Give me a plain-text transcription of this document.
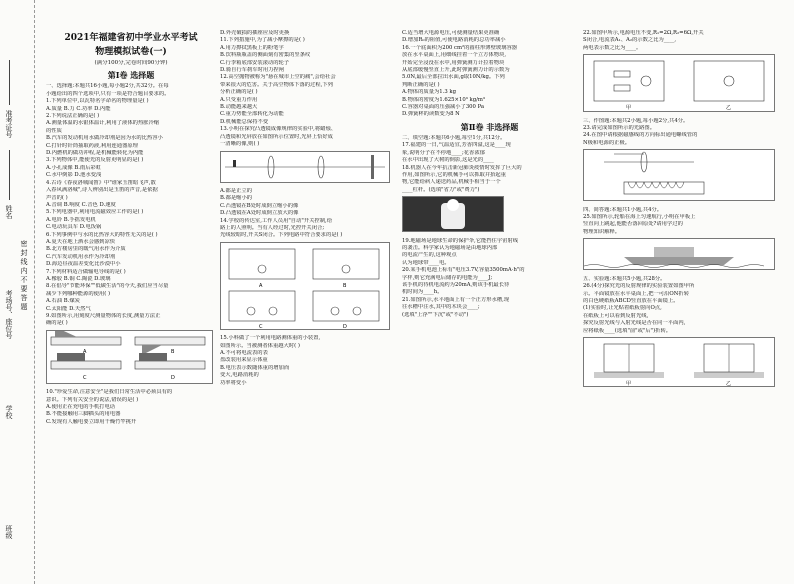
准考证号
姓名
考场号、座位号
学校
班级
密封线内不要答题

2021年福建省初中学业水平考试

物理模拟试卷(一)

(满分100分,完卷时间90分钟)

第Ⅰ卷 选择题

一、选择题:本题共16小题,每小题2分,共32分。在每

小题给出的四个选项中,只有一项是符合题目要求的。

1.下列单位中,以瓦特名字命名的物理量是( )

A.质量 B.力 C.功率 D.内能

2.下列说法正确的是( )

A.测量体温的水银体温计,利用了液体的热胀冷缩

的性质

B.汽车的发动机用水做冷却剂是因为水的比热容小

C.打针时针筒抽取药液,利用连通器原理

D.内燃机的做功冲程,是机械能转化为内能

3.下列物体中,能使光的反射更明显的是( )

A.小孔成像 B.雨后彩虹

C.水中倒影 D.池水变浅

4.古诗《春夜洛城闻笛》中"谁家玉笛暗飞声,散

入春风满洛城",诗人辨别出是玉笛的声音,是依据

声音的( )

A.音调 B.响度 C.音色 D.速度

5.下列电器中,利用电流磁效应工作的是( )

A.电铃 B.手摇发电机

C.电动玩具车 D.电饭锅

6.下列事例中与水的比热容大的特性无关的是( )

A.夏天在地上洒水会感到凉快

B.北方楼房里的暖气用水作为介质

C.汽车发动机用水作为冷却剂

D.海边昼夜温差变化比沙漠中小

7.下列材料适合做输电导线的是( )

A.橡胶 B.铜 C.陶瓷 D.玻璃

8.在倡导"节能环保""低碳生活"的今天,我们应当尽量

减少下列哪种能源的使用( )

A.石油 B.煤炭

C.太阳能 D.天然气

9.如图所示,用刻度尺测量物体的长度,测量方法正

确的是( )

A	B
C	D

10."珍爱生命,注意安全"是我们日常生活中必须具有的

意识。下列有关安全的说法,错误的是( )

A.使用正在充电的手机打电话

B.不能接触用三脚插头的用电器

C.发现有人触电要立即用干燥竹竿挑开

D.外壳破损的插座应及时更换

11.下列措施中,为了减小摩擦的是( )

A.用力擦拭黑板上的粉笔字

B.饮料瓶瓶盖的侧面刻有密集的竖条纹

C.行李箱底部安装滚动的轮子

D.骑自行车刹车时用力捏闸

12.高空抛物被称为"悬在城市上空的痛",会给社会

带来很大的危害。关于高空物体下落的过程,下列

分析正确的是( )

A.只受重力作用

B.动能越来越大

C.重力势能全部转化为动能

D.机械能总保持不变

13.小明在探究凸透镜成像规律的实验中,将蜡烛、

凸透镜和光屏放在如图所示位置时,光屏上恰好成

一清晰的像,则( )

A.都是正立的

B.都是缩小的

C.凸透镜在B处时成倒立缩小的像

D.凸透镜在A处时成倒立放大的像

14.学校的传达室,工作人员用"自动"开关控制,给

路上的人照明。当有人经过时,光控开关闭合;

光线较暗时,开关S闭合。下列电路中符合要求的是( )

A	B
C	D

15.小科做了一个利用电路测体重的小装置,

如图所示。当被测者体重越大时( )

A.不可将电流表的表

盘改装用来显示体重

B.电压表示数随体重的增加而

变大,电路消耗的

功率将变小

C.适当增大电源电压,可使测量结果更准确

D.增加R₀的阻值,可使电路消耗的总功率减小

16.一个底面积为200 cm²的圆柱形薄壁玻璃容器

放在水平桌面上,用细线挂着一个立方体物块,

开始完全浸没在水中,用弹簧测力计拉着物块

从底部缓慢竖直上升,此时弹簧测力计的示数为

5.0N,最后全部拉出水面,g取10N/kg。下列

判断正确的是( )

A.物体的质量为1.3 kg

B.物体的密度为1.625×10³ kg/m³

C.容器对桌面的压强减小了300 Pa

D.弹簧秤的读数变为8 N

第Ⅱ卷 非选择题

二、填空题:本题共6小题,每空1分,共12分。

17.福建的一日,气温适宜,芳香四溢,这是____现

象,说明分子在不停地____;花香浓郁

在水中出现了大树的倒影,这是光的____

18.机器人在今年抗击新冠肺炎疫情时发挥了巨大的

作用,如图所示,它的机械手可以抓取并抬起重

物,它能给病人递送药品,机械手相当于一个

____杠杆。(选填"省力"或"费力")

19.地磁场是地球生命的保护伞,它能挡住宇宙射线

的袭击。科学家认为地磁场是由地球内部

的电流产生的,这种观点

认为地球带____电。

20.某手机电池上标有"电压3.7V,容量3500mA·h"的

字样,则它充满电后储存的电能为____J;

该手机的待机电流约为20mA,则该手机最长待

机时间为____h。

21.如图所示,水平地面上有一个正方形水槽,现

往水槽中注水,其中的木块会____;

(选填"上浮""下沉"或"不动")

22.如图甲所示,电源电压不变,R₁=2Ω,R₂=6Ω,开关

S闭合,电流表A₁、A₂的示数之比为____,

两电表示数之比为____。

甲	乙

三、作图题:本题共2小题,每小题2分,共4分。

23.请完成如图所示的光路图。

24.在图中请根据磁感线的方向标出通电螺线管的

N极和电源的正极。

四、简答题:本题共1小题,共4分。

25.如图所示,轮船在海上匀速航行,小明在甲板上

竖直向上跳起,他能否落回原处?请用学过的

物理知识解释。

五、实验题:本题共5小题,共28分。

26.(4分)探究光的反射规律的实验装置如图甲所

示。平面镜放在水平桌面上,把一可沿ON折转

的白色硬纸板ABCD竖直放在平面镜上。

(1)实验时,让光贴着纸板射向O点,

在纸板上可以看到反射光线,

探究反射光线与入射光线是否在同一平面内,

应将纸板____(选填"前"或"后")折转。

甲	乙
